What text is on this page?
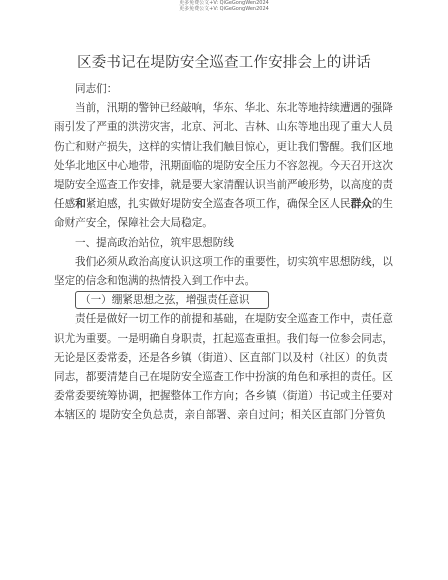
更多免费公文+V: QiGeGongWen2024
更多免费公文+V: QiGeGongWen2024
区委书记在堤防安全巡查工作安排会上的讲话

同志们：

当前，汛期的警钟已经敲响，华东、华北、东北等地持续遭遇的强降雨引发了严重的洪涝灾害，北京、河北、吉林、山东等地出现了重大人员伤亡和财产损失，这样的实情让我们触目惊心，更让我们警醒。我们区地处华北地区中心地带，汛期面临的堤防安全压力不容忽视。今天召开这次堤防安全巡查工作安排，就是要大家清醒认识当前严峻形势，以高度的责任感和紧迫感，扎实做好堤防安全巡查各项工作，确保全区人民群众的生命财产安全，保障社会大局稳定。

一、提高政治站位，筑牢思想防线

我们必须从政治高度认识这项工作的重要性，切实筑牢思想防线，以坚定的信念和饱满的热情投入到工作中去。

（一）绷紧思想之弦，增强责任意识

责任是做好一切工作的前提和基础，在堤防安全巡查工作中，责任意识尤为重要。一是明确自身职责，扛起巡查重担。我们每一位参会同志，无论是区委常委，还是各乡镇（街道）、区直部门以及村（社区）的负责同志，都要清楚自己在堤防安全巡查工作中扮演的角色和承担的责任。区委常委要统筹协调，把握整体工作方向；各乡镇（街道）书记或主任要对本辖区的 堤防安全负总责，亲自部署、亲自过问；相关区直部门分管负
